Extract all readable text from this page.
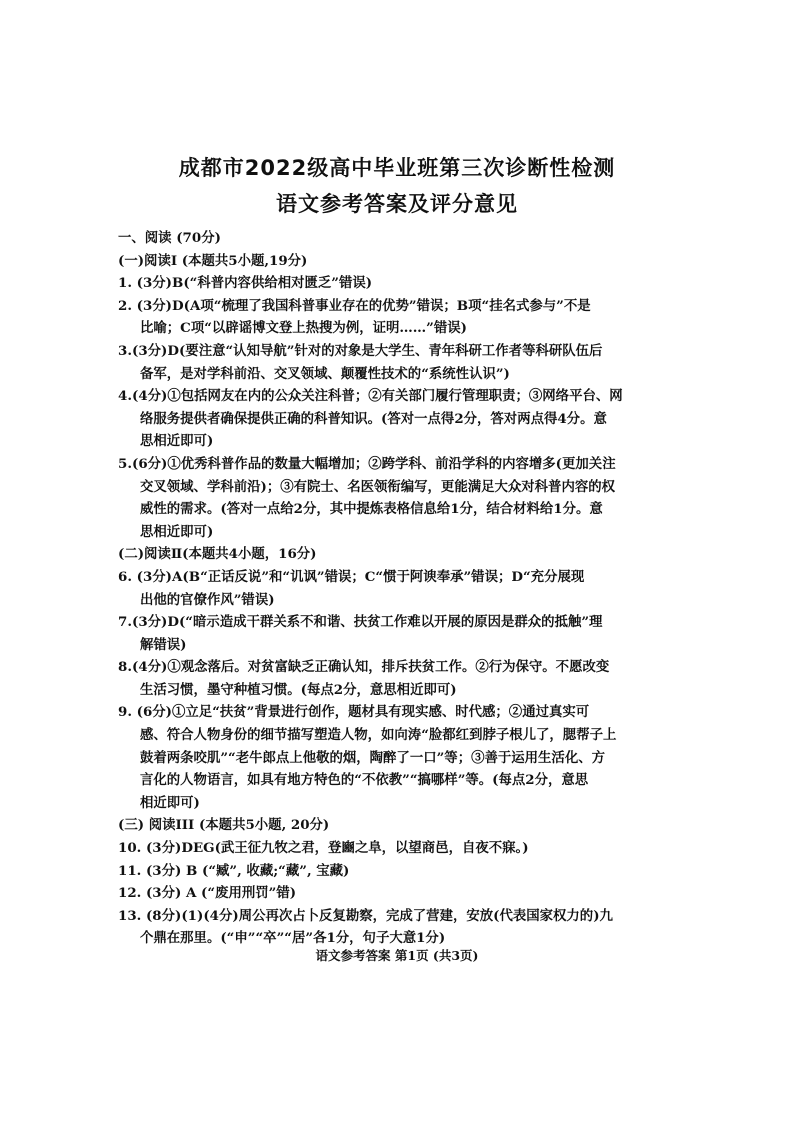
成都市2022级高中毕业班第三次诊断性检测
语文参考答案及评分意见
一、阅读 (70分)
(一)阅读Ⅰ (本题共5小题,19分)
1. (3分)B(“科普内容供给相对匮乏”错误)
2. (3分)D(A项“梳理了我国科普事业存在的优势”错误；B项“挂名式参与”不是
比喻；C项“以辟谣博文登上热搜为例，证明……”错误)
3.(3分)D(要注意“认知导航”针对的对象是大学生、青年科研工作者等科研队伍后
备军，是对学科前沿、交叉领域、颠覆性技术的“系统性认识”)
4.(4分)①包括网友在内的公众关注科普；②有关部门履行管理职责；③网络平台、网
络服务提供者确保提供正确的科普知识。(答对一点得2分，答对两点得4分。意
思相近即可)
5.(6分)①优秀科普作品的数量大幅增加；②跨学科、前沿学科的内容增多(更加关注
交叉领域、学科前沿)；③有院士、名医领衔编写，更能满足大众对科普内容的权
威性的需求。(答对一点给2分，其中提炼表格信息给1分，结合材料给1分。意
思相近即可)
(二)阅读Ⅱ(本题共4小题，16分)
6. (3分)A(B“正话反说”和“讥讽”错误；C“惯于阿谀奉承”错误；D“充分展现
出他的官僚作风”错误)
7.(3分)D(“暗示造成干群关系不和谐、扶贫工作难以开展的原因是群众的抵触”理
解错误)
8.(4分)①观念落后。对贫富缺乏正确认知，排斥扶贫工作。②行为保守。不愿改变
生活习惯，墨守种植习惯。(每点2分，意思相近即可)
9. (6分)①立足“扶贫”背景进行创作，题材具有现实感、时代感；②通过真实可
感、符合人物身份的细节描写塑造人物，如向涛“脸都红到脖子根儿了，腮帮子上
鼓着两条咬肌”“老牛郎点上他敬的烟，陶醉了一口”等；③善于运用生活化、方
言化的人物语言，如具有地方特色的“不依教”“搞哪样”等。(每点2分，意思
相近即可)
(三) 阅读III (本题共5小题, 20分)
10. (3分)DEG(武王征九牧之君，登豳之阜，以望商邑，自夜不寐。)
11. (3分) B (“臧”, 收藏;“藏”, 宝藏)
12. (3分) A (“废用刑罚”错)
13. (8分)(1)(4分)周公再次占卜反复勘察，完成了营建，安放(代表国家权力的)九
个鼎在那里。(“申”“卒”“居”各1分，句子大意1分)
语文参考答案 第1页 (共3页)
